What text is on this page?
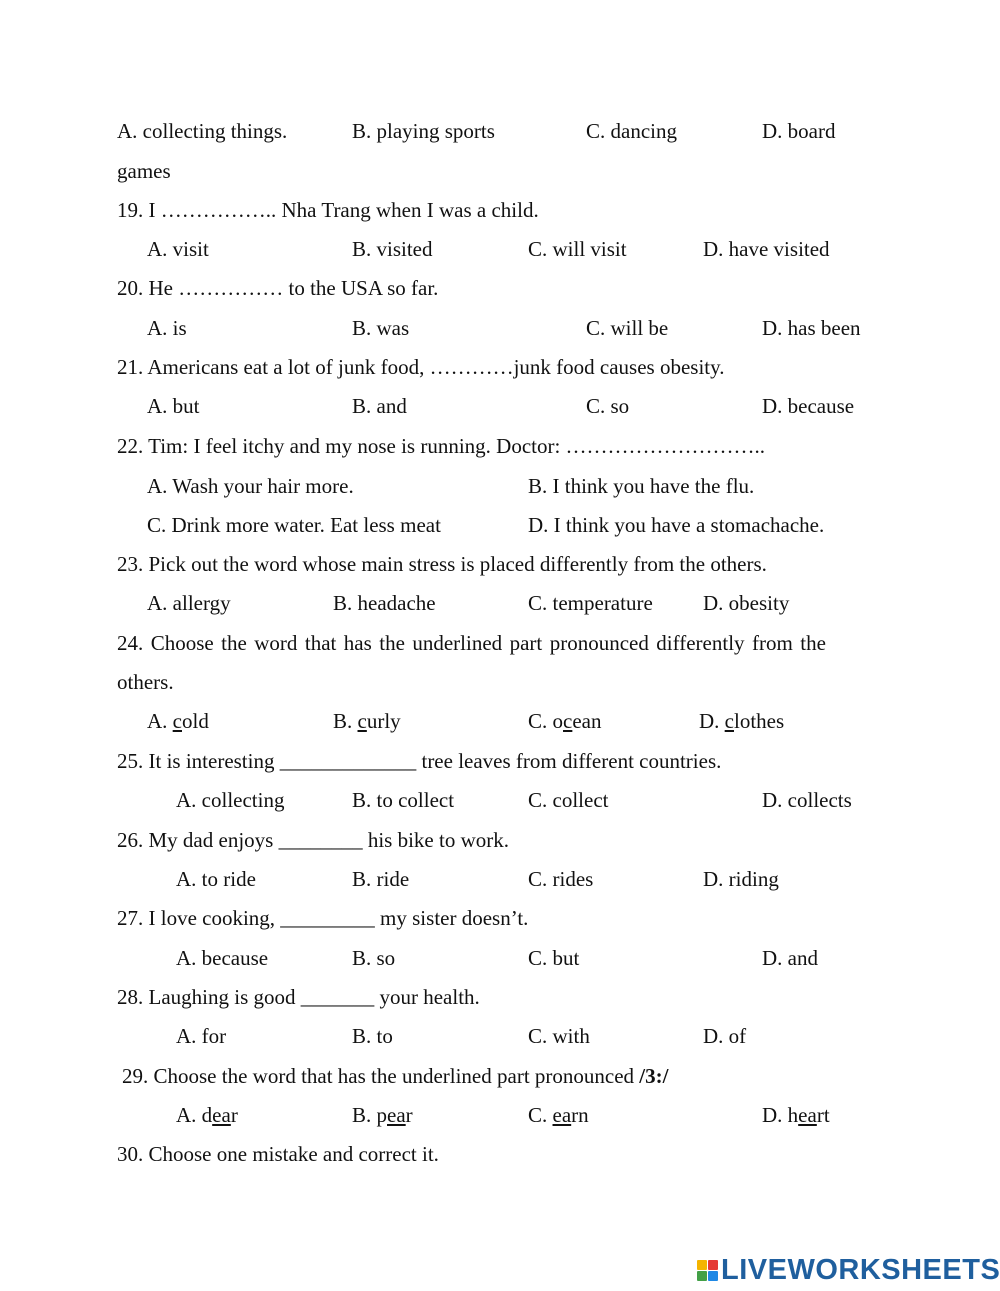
A. collecting things.	B. playing sports	C. dancing	D. board
games
19. I …………….. Nha Trang when I was a child.
A. visit	B. visited	C. will visit	D. have visited
20. He …………… to the USA so far.
A. is	B. was	C. will be	D. has been
21. Americans eat a lot of junk food, …………junk food causes obesity.
A. but	B. and	C. so	D. because
22. Tim: I feel itchy and my nose is running. Doctor: ………………………..
A. Wash your hair more.	B. I think you have the flu.
C. Drink more water. Eat less meat	D. I think you have a stomachache.
23. Pick out the word whose main stress is placed differently from the others.
A. allergy	B. headache	C. temperature D. obesity
24. Choose the word that has the underlined part pronounced differently from the
others.
A. cold	B. curly	C. ocean	D. clothes
25. It is interesting _____________ tree leaves from different countries.
A. collecting	B. to collect	C. collect	D. collects
26. My dad enjoys ________ his bike to work.
A. to ride	B. ride	C. rides	D. riding
27. I love cooking, _________ my sister doesn’t.
A. because	B. so	C. but	D. and
28. Laughing is good _______ your health.
A. for	B. to	C. with	D. of
29. Choose the word that has the underlined part pronounced /3:/
A. dear	B. pear	C. earn	D. heart
30. Choose one mistake and correct it.
LIVEWORKSHEETS
